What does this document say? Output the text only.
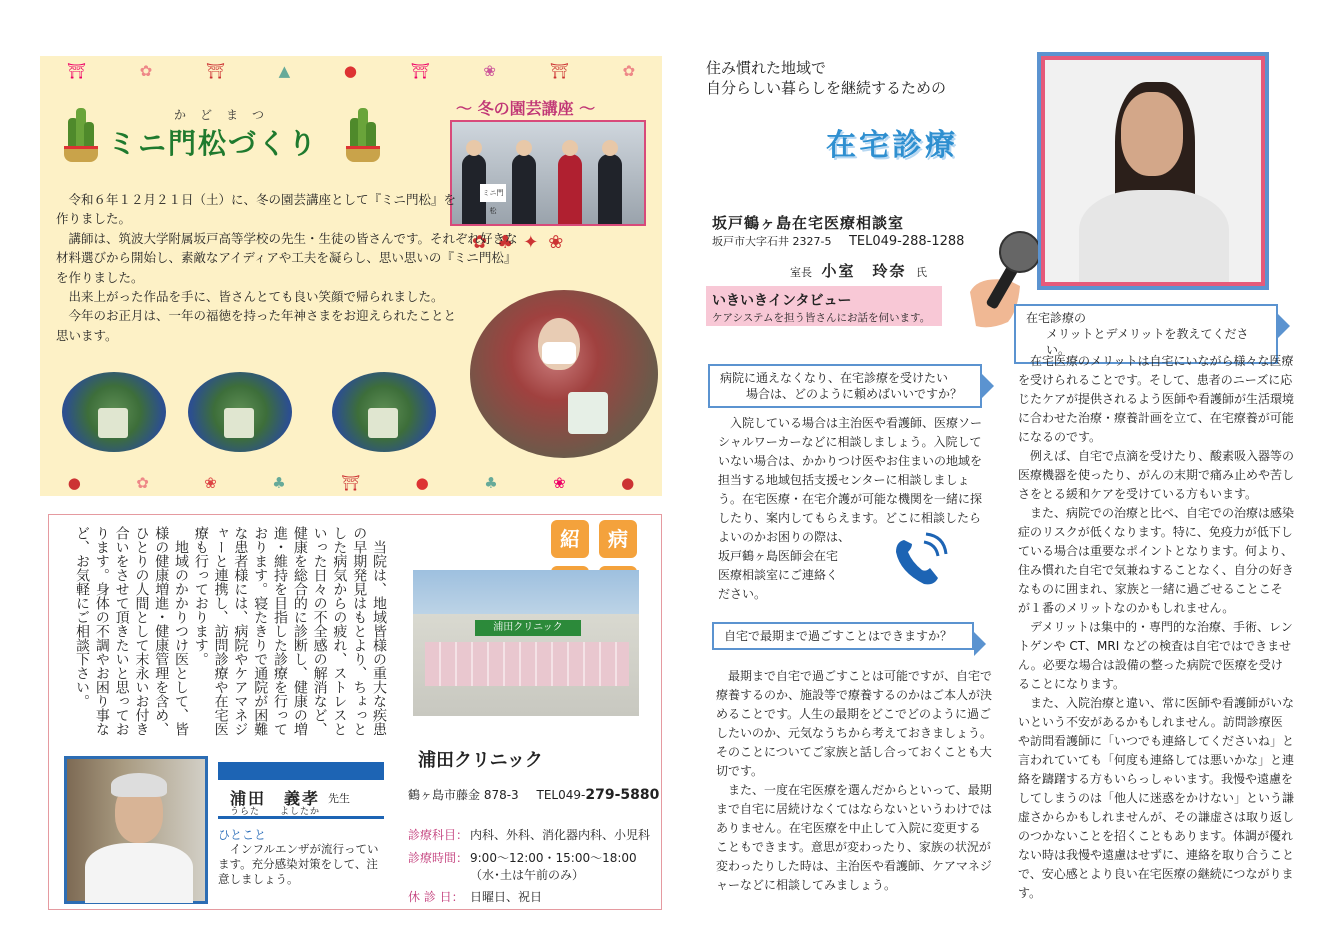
⛩	✿	⛩	▲	●	⛩	❀	⛩	✿
かどまつ
ミニ門松づくり
～ 冬の園芸講座 ～
ミニ門松
✿♣✦❀

令和６年１２月２１日（土）に、冬の園芸講座として『ミニ門松』を作りました。

講師は、筑波大学附属坂戸高等学校の先生・生徒の皆さんです。それぞれ好きな材料選びから開始し、素敵なアイディアや工夫を凝らし、思い思いの『ミニ門松』を作りました。

出来上がった作品を手に、皆さんとても良い笑顔で帰られました。

今年のお正月は、一年の福徳を持った年神さまをお迎えられたことと思います。

●	✿	❀	♣	⛩	●	♣	❀	●

当院は、地域皆様の重大な疾患の早期発見はもとより、ちょっとした病気からの疲れ、ストレスといった日々の不全感の解消など、健康を総合的に診断し、健康の増進・維持を目指した診療を行っております。寝たきりで通院が困難な患者様には、病院やケアマネジャーと連携し、訪問診療や在宅医療も行っております。

地域のかかりつけ医として、皆様の健康増進・健康管理を含め、ひとりの人間として末永いお付き合いをさせて頂きたいと思っております。身体の不調やお困り事など、お気軽にご相談下さい。	紹	病
浦田クリニック
浦田クリニック
鶴ヶ島市藤金 878-3 TEL049-279-5880
診療科目： 内科、外科、消化器内科、小児科
診療時間： 9:00～12:00・15:00～18:00
（水･土は午前のみ）
休 診 日： 日曜日、祝日
浦田　義孝 先生
うらた　　よしたか
ひとこと
インフルエンザが流行っています。充分感染対策をして、注意しましょう。
住み慣れた地域で
自分らしい暮らしを継続するための
在宅診療
坂戸鶴ヶ島在宅医療相談室
坂戸市大字石井 2327-5 TEL049-288-1288
室長 小室　玲奈 氏
いきいきインタビュー
ケアシステムを担う皆さんにお話を伺います。
病院に通えなくなり、在宅診療を受けたい
場合は、どのように頼めばいいですか？

入院している場合は主治医や看護師、医療ソーシャルワーカーなどに相談しましょう。入院していない場合は、かかりつけ医やお住まいの地域を担当する地域包括支援センターに相談しましょう。在宅医療・在宅介護が可能な機関を一緒に探したり、案内してもらえます。どこに相談したらよいのかお困りの際は、

坂戸鶴ヶ島医師会在宅
医療相談室にご連絡く
ださい。
自宅で最期まで過ごすことはできますか？

最期まで自宅で過ごすことは可能ですが、自宅で療養するのか、施設等で療養するのかはご本人が決めることです。人生の最期をどこでどのように過ごしたいのか、元気なうちから考えておきましょう。そのことについてご家族と話し合っておくことも大切です。

また、一度在宅医療を選んだからといって、最期まで自宅に居続けなくてはならないというわけではありません。在宅医療を中止して入院に変更することもできます。意思が変わったり、家族の状況が変わったりした時は、主治医や看護師、ケアマネジャーなどに相談してみましょう。

在宅診療の
メリットとデメリットを教えてください。

在宅医療のメリットは自宅にいながら様々な医療を受けられることです。そして、患者のニーズに応じたケアが提供されるよう医師や看護師が生活環境に合わせた治療・療養計画を立て、在宅療養が可能になるのです。

例えば、自宅で点滴を受けたり、酸素吸入器等の医療機器を使ったり、がんの末期で痛み止めや苦しさをとる緩和ケアを受けている方もいます。

また、病院での治療と比べ、自宅での治療は感染症のリスクが低くなります。特に、免疫力が低下している場合は重要なポイントとなります。何より、住み慣れた自宅で気兼ねすることなく、自分の好きなものに囲まれ、家族と一緒に過ごせることこそが１番のメリットなのかもしれません。

デメリットは集中的・専門的な治療、手術、レントゲンや CT、MRI などの検査は自宅ではできません。必要な場合は設備の整った病院で医療を受けることになります。

また、入院治療と違い、常に医師や看護師がいないという不安があるかもしれません。訪問診療医や訪問看護師に「いつでも連絡してくださいね」と言われていても「何度も連絡しては悪いかな」と連絡を躊躇する方もいらっしゃいます。我慢や遠慮をしてしまうのは「他人に迷惑をかけない」という謙虚さからかもしれませんが、その謙虚さは取り返しのつかないことを招くこともあります。体調が優れない時は我慢や遠慮はせずに、連絡を取り合うことで、安心感とより良い在宅医療の継続につながります。
